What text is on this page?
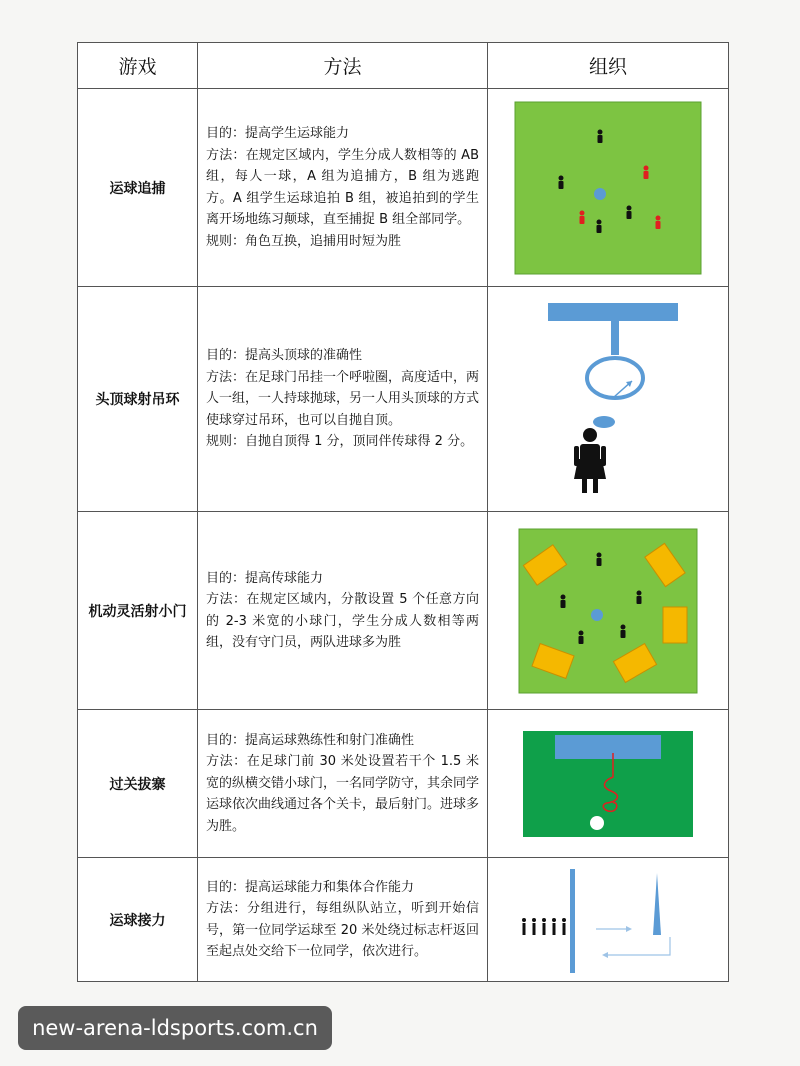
游戏	方法	组织
运球追捕	目的：提高学生运球能力
方法：在规定区域内，学生分成人数相等的 AB 组，每人一球，A 组为追捕方，B 组为逃跑方。A 组学生运球追拍 B 组，被追拍到的学生离开场地练习颠球，直至捕捉 B 组全部同学。
规则：角色互换，追捕用时短为胜

头顶球射吊环	目的：提高头顶球的准确性
方法：在足球门吊挂一个呼啦圈，高度适中，两人一组，一人持球抛球，另一人用头顶球的方式使球穿过吊环，也可以自抛自顶。
规则：自抛自顶得 1 分，顶同伴传球得 2 分。

机动灵活射小门	目的：提高传球能力
方法：在规定区域内，分散设置 5 个任意方向的 2-3 米宽的小球门，学生分成人数相等两组，没有守门员，两队进球多为胜

过关拔寨	目的：提高运球熟练性和射门准确性
方法：在足球门前 30 米处设置若干个 1.5 米宽的纵横交错小球门，一名同学防守，其余同学运球依次曲线通过各个关卡，最后射门。进球多为胜。

运球接力	目的：提高运球能力和集体合作能力
方法：分组进行，每组纵队站立，听到开始信号，第一位同学运球至 20 米处绕过标志杆返回至起点处交给下一位同学，依次进行。

new-arena-ldsports.com.cn
